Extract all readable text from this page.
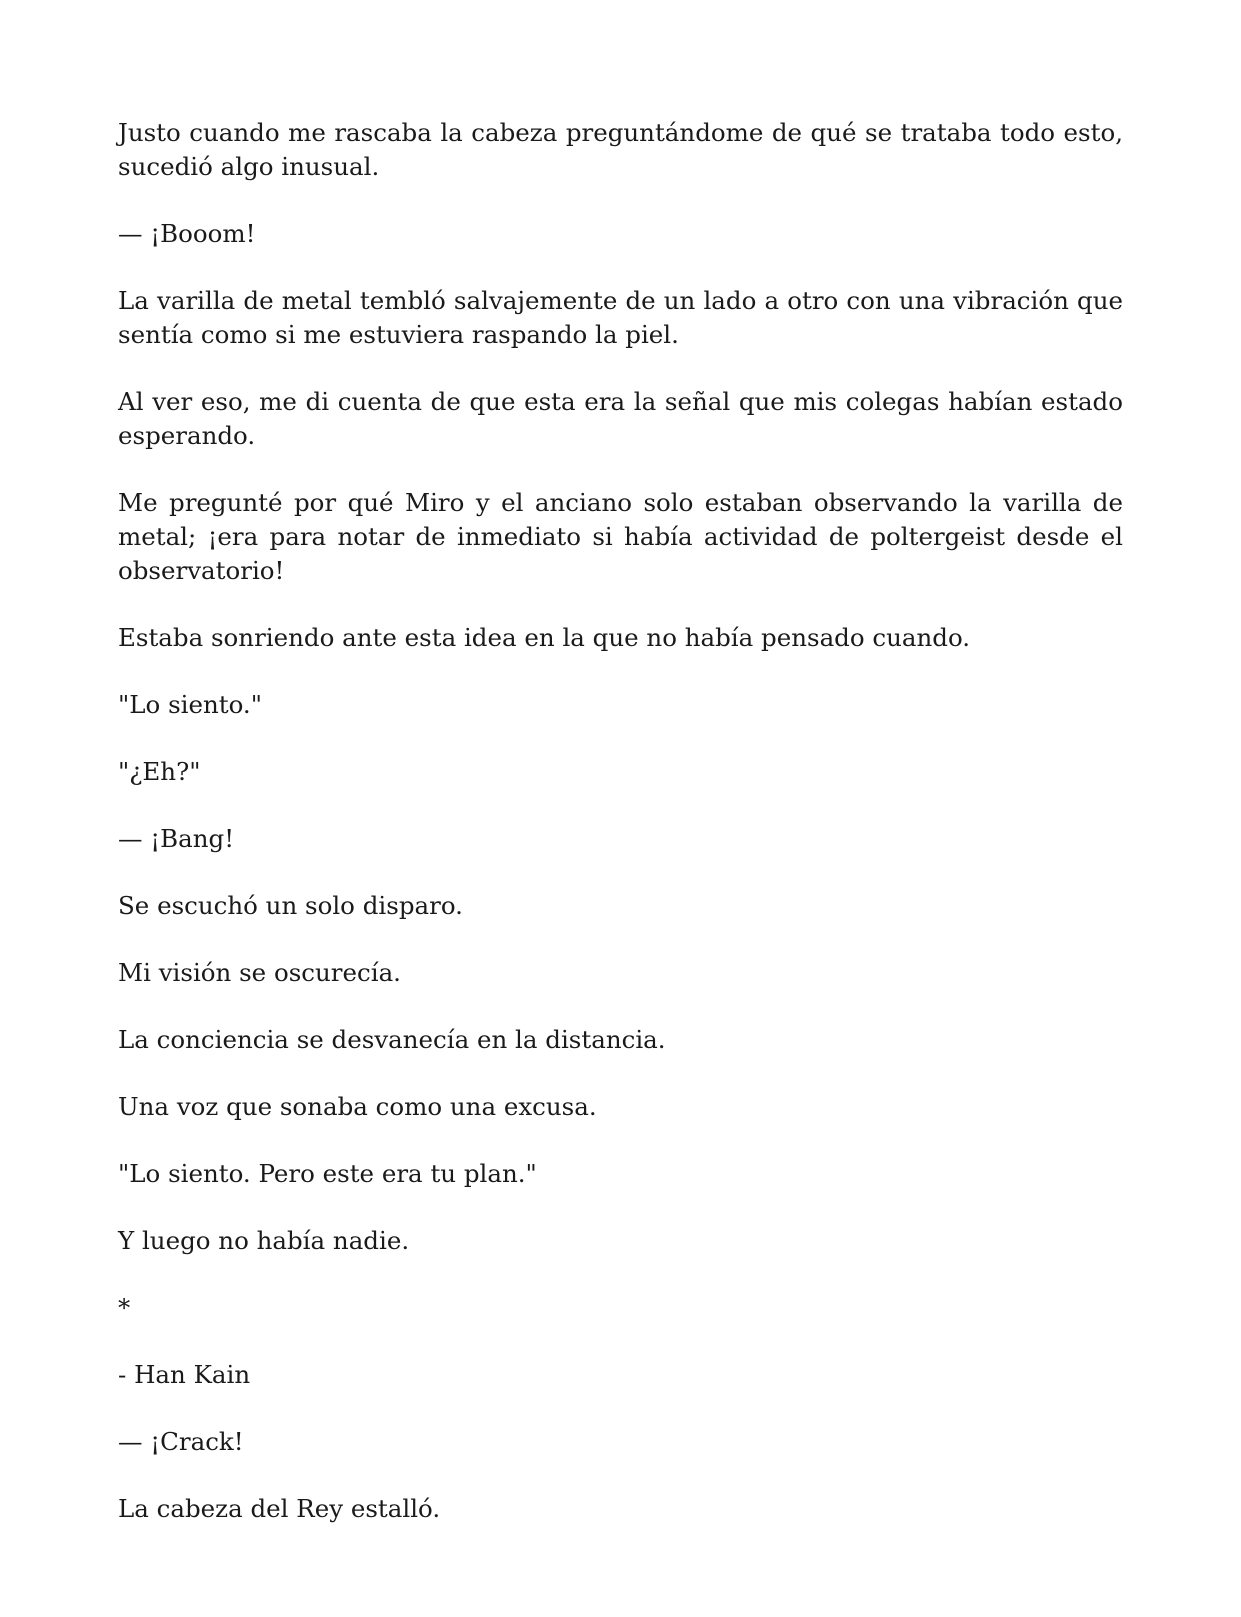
Justo cuando me rascaba la cabeza preguntándome de qué se trataba todo esto, sucedió algo inusual.

— ¡Booom!

La varilla de metal tembló salvajemente de un lado a otro con una vibración que sentía como si me estuviera raspando la piel.

Al ver eso, me di cuenta de que esta era la señal que mis colegas habían estado esperando.

Me pregunté por qué Miro y el anciano solo estaban observando la varilla de metal; ¡era para notar de inmediato si había actividad de poltergeist desde el observatorio!

Estaba sonriendo ante esta idea en la que no había pensado cuando.

"Lo siento."

"¿Eh?"

— ¡Bang!

Se escuchó un solo disparo.

Mi visión se oscurecía.

La conciencia se desvanecía en la distancia.

Una voz que sonaba como una excusa.

"Lo siento. Pero este era tu plan."

Y luego no había nadie.

*

- Han Kain

— ¡Crack!

La cabeza del Rey estalló.
